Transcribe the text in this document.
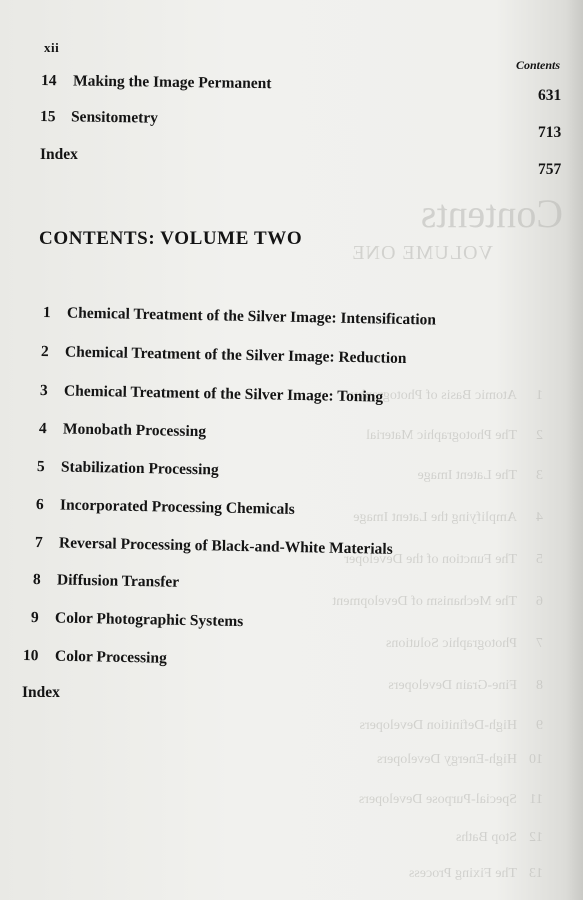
Contents
VOLUME ONE
1Atomic Basis of Photography
2The Photographic Material
3The Latent Image
4Amplifying the Latent Image
5The Function of the Developer
6The Mechanism of Development
7Photographic Solutions
8Fine-Grain Developers
9High-Definition Developers
10High-Energy Developers
11Special-Purpose Developers
12Stop Baths
13The Fixing Process
xii
Contents
14 Making the Image Permanent
631
15 Sensitometry
713
Index
757
CONTENTS: VOLUME TWO
1 Chemical Treatment of the Silver Image: Intensification
2 Chemical Treatment of the Silver Image: Reduction
3 Chemical Treatment of the Silver Image: Toning
4 Monobath Processing
5 Stabilization Processing
6 Incorporated Processing Chemicals
7 Reversal Processing of Black-and-White Materials
8 Diffusion Transfer
9 Color Photographic Systems
10 Color Processing
Index
